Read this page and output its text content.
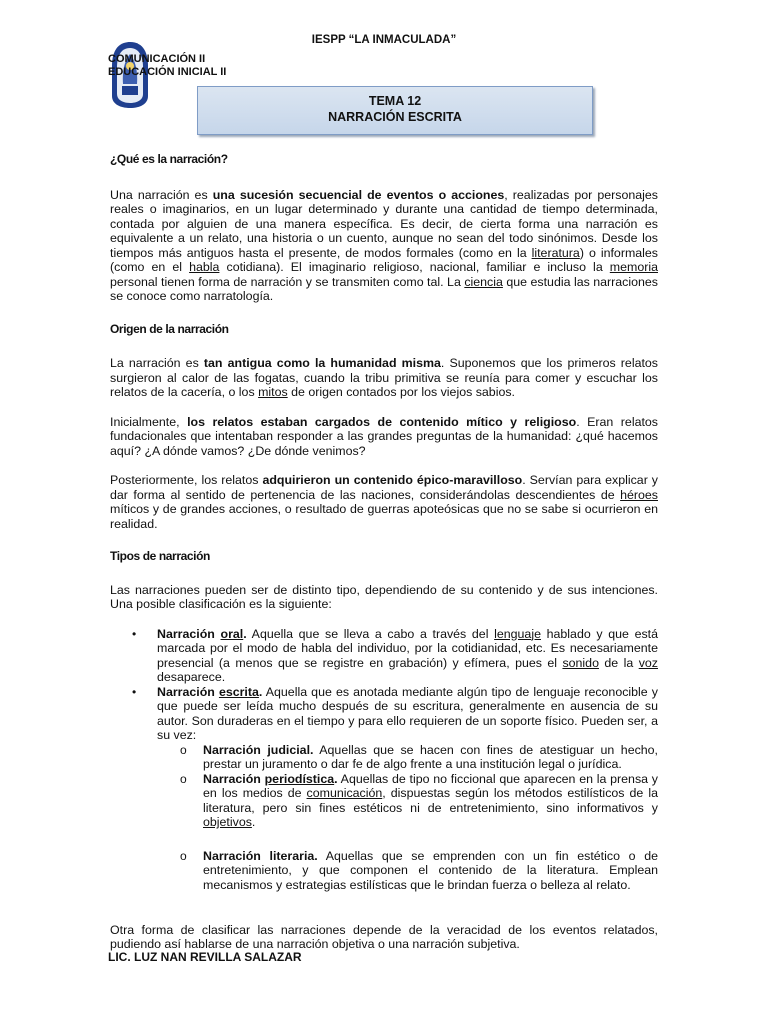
IESPP “LA INMACULADA”
COMUNICACIÓN II
EDUCACIÓN INICIAL II
TEMA 12
NARRACIÓN ESCRITA
¿Qué es la narración?
Una narración es una sucesión secuencial de eventos o acciones, realizadas por personajes reales o imaginarios, en un lugar determinado y durante una cantidad de tiempo determinada, contada por alguien de una manera específica. Es decir, de cierta forma una narración es equivalente a un relato, una historia o un cuento, aunque no sean del todo sinónimos. Desde los tiempos más antiguos hasta el presente, de modos formales (como en la literatura) o informales (como en el habla cotidiana). El imaginario religioso, nacional, familiar e incluso la memoria personal tienen forma de narración y se transmiten como tal. La ciencia que estudia las narraciones se conoce como narratología.
Origen de la narración
La narración es tan antigua como la humanidad misma. Suponemos que los primeros relatos surgieron al calor de las fogatas, cuando la tribu primitiva se reunía para comer y escuchar los relatos de la cacería, o los mitos de origen contados por los viejos sabios.
Inicialmente, los relatos estaban cargados de contenido mítico y religioso. Eran relatos fundacionales que intentaban responder a las grandes preguntas de la humanidad: ¿qué hacemos aquí? ¿A dónde vamos? ¿De dónde venimos?
Posteriormente, los relatos adquirieron un contenido épico-maravilloso. Servían para explicar y dar forma al sentido de pertenencia de las naciones, considerándolas descendientes de héroes míticos y de grandes acciones, o resultado de guerras apoteósicas que no se sabe si ocurrieron en realidad.
Tipos de narración
Las narraciones pueden ser de distinto tipo, dependiendo de su contenido y de sus intenciones. Una posible clasificación es la siguiente:
• Narración oral. Aquella que se lleva a cabo a través del lenguaje hablado y que está marcada por el modo de habla del individuo, por la cotidianidad, etc. Es necesariamente presencial (a menos que se registre en grabación) y efímera, pues el sonido de la voz desaparece.
• Narración escrita. Aquella que es anotada mediante algún tipo de lenguaje reconocible y que puede ser leída mucho después de su escritura, generalmente en ausencia de su autor. Son duraderas en el tiempo y para ello requieren de un soporte físico. Pueden ser, a su vez:
o Narración judicial. Aquellas que se hacen con fines de atestiguar un hecho, prestar un juramento o dar fe de algo frente a una institución legal o jurídica.
o Narración periodística. Aquellas de tipo no ficcional que aparecen en la prensa y en los medios de comunicación, dispuestas según los métodos estilísticos de la literatura, pero sin fines estéticos ni de entretenimiento, sino informativos y objetivos.
o Narración literaria. Aquellas que se emprenden con un fin estético o de entretenimiento, y que componen el contenido de la literatura. Emplean mecanismos y estrategias estilísticas que le brindan fuerza o belleza al relato.
Otra forma de clasificar las narraciones depende de la veracidad de los eventos relatados, pudiendo así hablarse de una narración objetiva o una narración subjetiva.
LIC. LUZ NAN REVILLA SALAZAR
